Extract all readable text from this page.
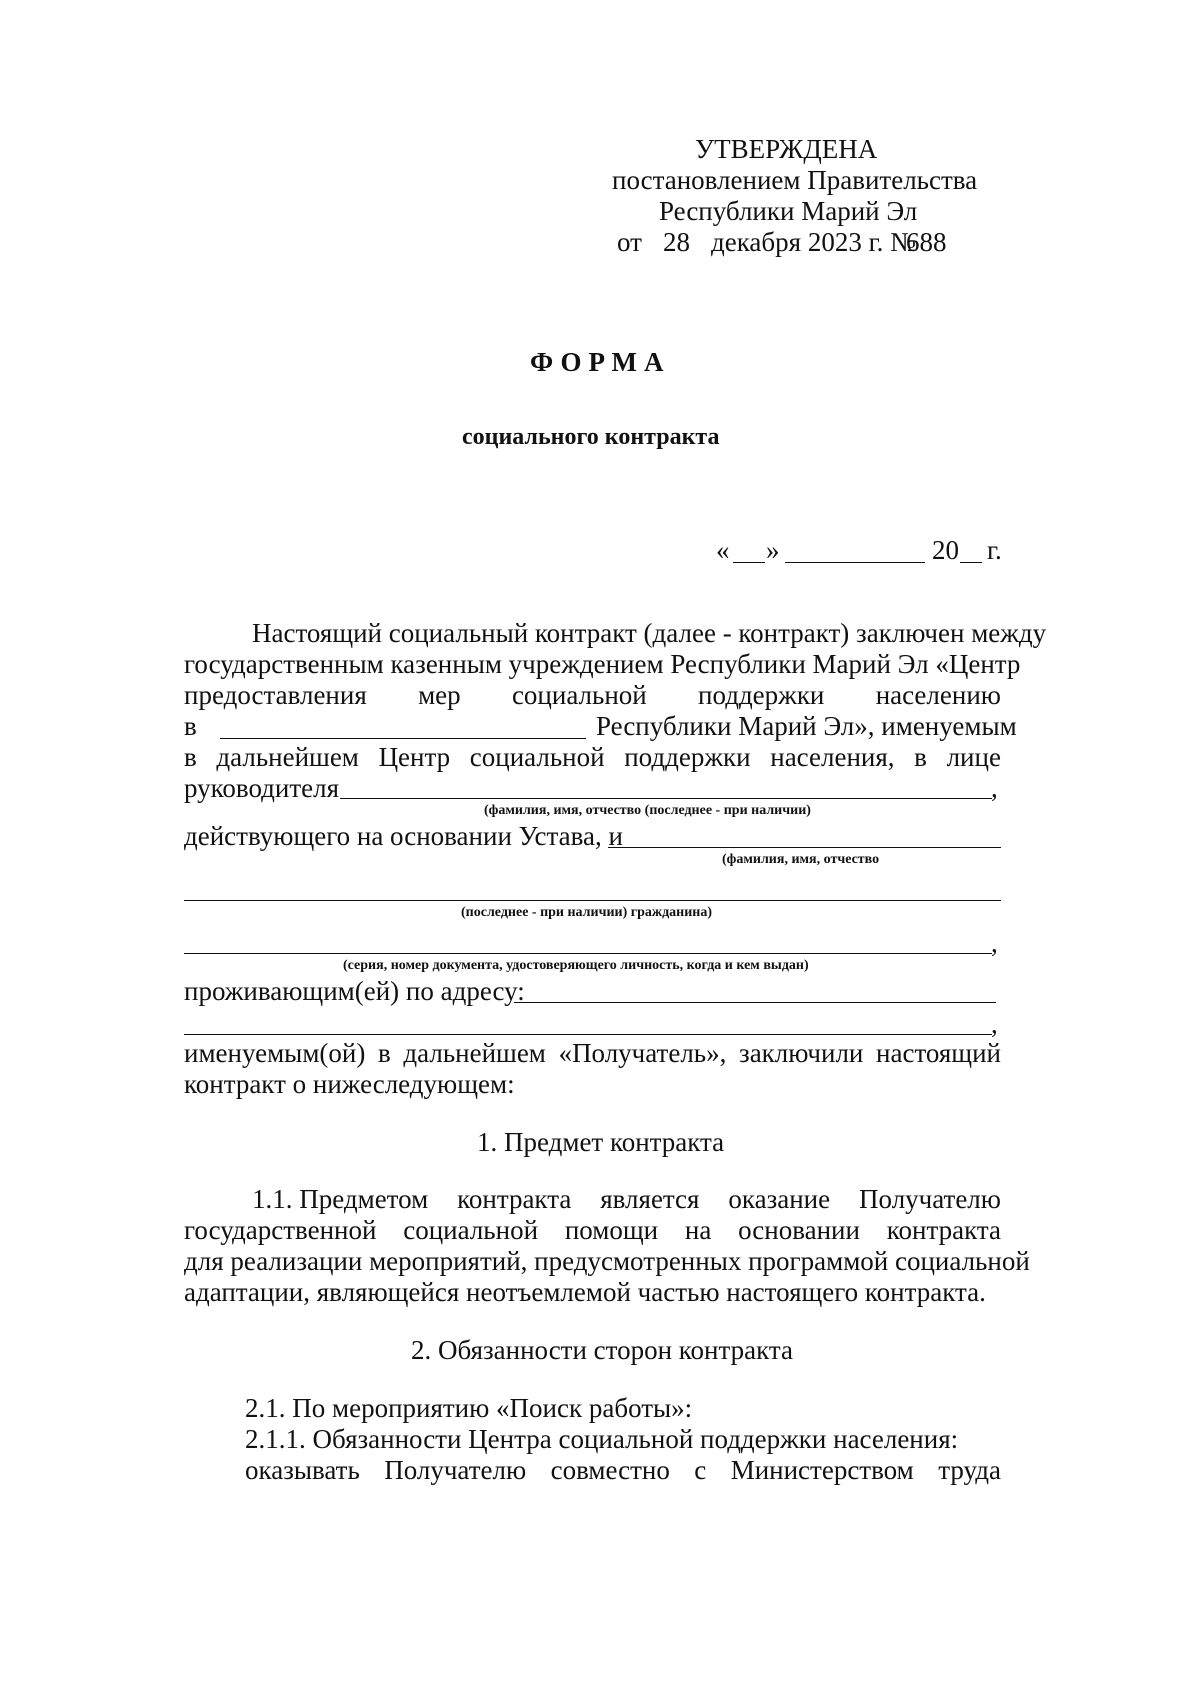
УТВЕРЖДЕНА
постановлением Правительства
Республики Марий Эл
от 28 декабря 2023 г. №
688
ФОРМА
социального контракта
« »	20 г.
Настоящий социальный контракт (далее - контракт) заключен между
государственным казенным учреждением Республики Марий Эл «Центр
предоставления мер социальной поддержки населению
в	Республики Марий Эл», именуемым
в дальнейшем Центр социальной поддержки населения, в лице
руководителя	,
(фамилия, имя, отчество (последнее - при наличии)
действующего на основании Устава, и
(фамилия, имя, отчество
(последнее - при наличии) гражданина)
,
(серия, номер документа, удостоверяющего личность, когда и кем выдан)
проживающим(ей) по адресу:
,
именуемым(ой) в дальнейшем «Получатель», заключили настоящий
контракт о нижеследующем:
1. Предмет контракта
1.1. Предметом контракта является оказание Получателю
государственной социальной помощи на основании контракта
для реализации мероприятий, предусмотренных программой социальной
адаптации, являющейся неотъемлемой частью настоящего контракта.
2. Обязанности сторон контракта
2.1. По мероприятию «Поиск работы»:
2.1.1. Обязанности Центра социальной поддержки населения:
оказывать Получателю совместно с Министерством труда
